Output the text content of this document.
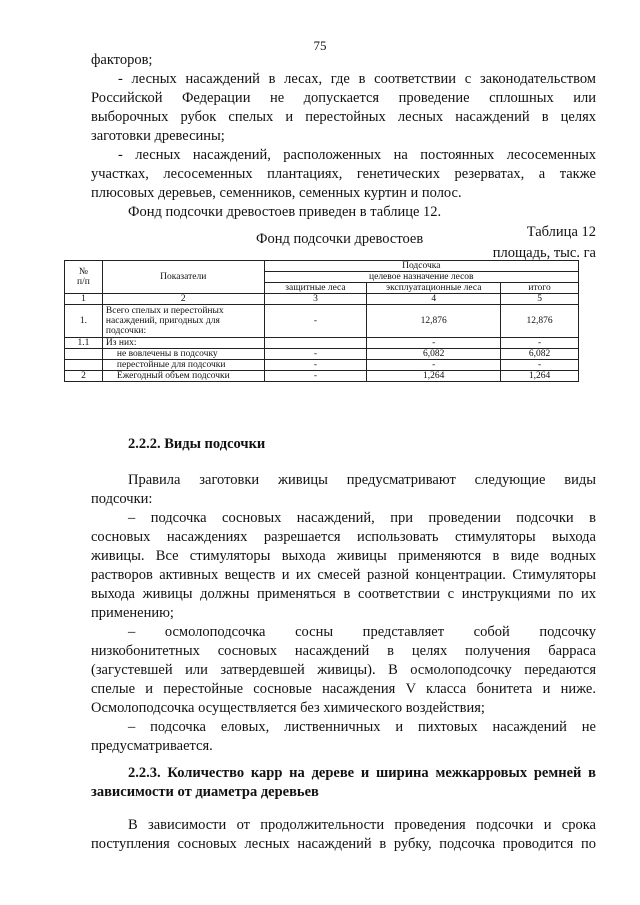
75
факторов;
- лесных насаждений в лесах, где в соответствии с законодательством
Российской Федерации не допускается проведение сплошных или
выборочных рубок спелых и перестойных лесных насаждений в целях
заготовки древесины;
- лесных насаждений, расположенных на постоянных лесосеменных
участках, лесосеменных плантациях, генетических резерватах, а также
плюсовых деревьев, семенников, семенных куртин и полос.
Фонд подсочки древостоев приведен в таблице 12.
Таблица 12
Фонд подсочки древостоев
площадь, тыс. га
№
п/п	Показатели	Подсочка		
		целевое назначение лесов		
		защитные леса	эксплуатационные леса	итого
1	2	3	4	5
1.	Всего спелых и перестойных насаждений, пригодных для подсочки:	-	12,876	12,876
1.1	Из них:		-	-
	не вовлечены в подсочку	-	6,082	6,082
	перестойные для подсочки	-	-	-
2	Ежегодный объем подсочки	-	1,264	1,264
2.2.2. Виды подсочки
Правила заготовки живицы предусматривают следующие виды
подсочки:
– подсочка сосновых насаждений, при проведении подсочки в
сосновых насаждениях разрешается использовать стимуляторы выхода
живицы. Все стимуляторы выхода живицы применяются в виде водных
растворов активных веществ и их смесей разной концентрации. Стимуляторы
выхода живицы должны применяться в соответствии с инструкциями по их
применению;
– осмолоподсочка сосны представляет собой подсочку
низкобонитетных сосновых насаждений в целях получения барраса
(загустевшей или затвердевшей живицы). В осмолоподсочку передаются
спелые и перестойные сосновые насаждения V класса бонитета и ниже.
Осмолоподсочка осуществляется без химического воздействия;
– подсочка еловых, лиственничных и пихтовых насаждений не
предусматривается.
2.2.3. Количество карр на дереве и ширина межкарровых ремней в
зависимости от диаметра деревьев
В зависимости от продолжительности проведения подсочки и срока
поступления сосновых лесных насаждений в рубку, подсочка проводится по
